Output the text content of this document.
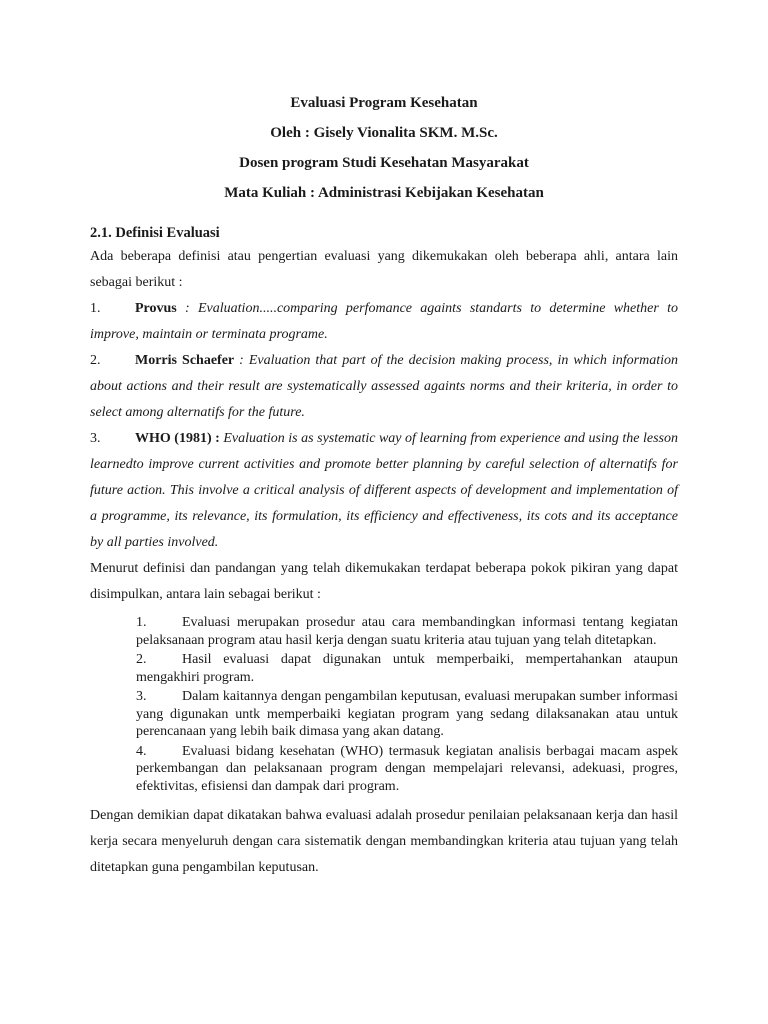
Evaluasi Program Kesehatan
Oleh : Gisely Vionalita SKM. M.Sc.
Dosen program Studi Kesehatan Masyarakat
Mata Kuliah : Administrasi Kebijakan Kesehatan

2.1. Definisi Evaluasi

Ada beberapa definisi atau pengertian evaluasi yang dikemukakan oleh beberapa ahli, antara lain sebagai berikut :

1. Provus : Evaluation.....comparing perfomance againts standarts to determine whether to improve, maintain or terminata programe.

2. Morris Schaefer : Evaluation that part of the decision making process, in which information about actions and their result are systematically assessed againts norms and their kriteria, in order to select among alternatifs for the future.

3. WHO (1981) : Evaluation is as systematic way of learning from experience and using the lesson learnedto improve current activities and promote better planning by careful selection of alternatifs for future action. This involve a critical analysis of different aspects of development and implementation of a programme, its relevance, its formulation, its efficiency and effectiveness, its cots and its acceptance by all parties involved.

Menurut definisi dan pandangan yang telah dikemukakan terdapat beberapa pokok pikiran yang dapat disimpulkan, antara lain sebagai berikut :

1.	Evaluasi merupakan prosedur atau cara membandingkan informasi tentang kegiatan pelaksanaan program atau hasil kerja dengan suatu kriteria atau tujuan yang telah ditetapkan.
2.	Hasil evaluasi dapat digunakan untuk memperbaiki, mempertahankan ataupun mengakhiri program.
3.	Dalam kaitannya dengan pengambilan keputusan, evaluasi merupakan sumber informasi yang digunakan untk memperbaiki kegiatan program yang sedang dilaksanakan atau untuk perencanaan yang lebih baik dimasa yang akan datang.
4.	Evaluasi bidang kesehatan (WHO) termasuk kegiatan analisis berbagai macam aspek perkembangan dan pelaksanaan program dengan mempelajari relevansi, adekuasi, progres, efektivitas, efisiensi dan dampak dari program.

Dengan demikian dapat dikatakan bahwa evaluasi adalah prosedur penilaian pelaksanaan kerja dan hasil kerja secara menyeluruh dengan cara sistematik dengan membandingkan kriteria atau tujuan yang telah ditetapkan guna pengambilan keputusan.
